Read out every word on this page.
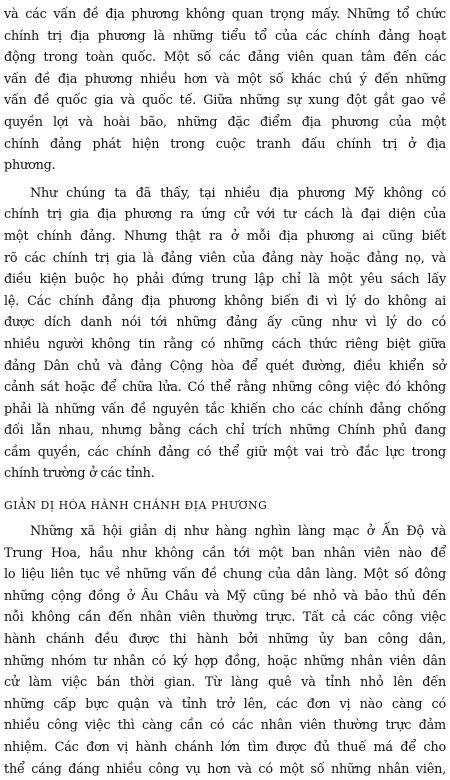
và các vấn đề địa phương không quan trọng mấy. Những tổ chức
chính trị địa phương là những tiểu tổ của các chính đảng hoạt
động trong toàn quốc. Một số các đảng viên quan tâm đến các
vấn đề địa phương nhiều hơn và một số khác chú ý đến những
vấn đề quốc gia và quốc tế. Giữa những sự xung đột gắt gao về
quyền lợi và hoài bão, những đặc điểm địa phương của một
chính đảng phát hiện trong cuộc tranh đấu chính trị ở địa
phương.
Như chúng ta đã thấy, tại nhiều địa phương Mỹ không có
chính trị gia địa phương ra ứng cử với tư cách là đại diện của
một chính đảng. Nhưng thật ra ở mỗi địa phương ai cũng biết
rõ các chính trị gia là đảng viên của đảng này hoặc đảng nọ, và
điều kiện buộc họ phải đứng trung lập chỉ là một yêu sách lấy
lệ. Các chính đảng địa phương không biến đi vì lý do không ai
được dích danh nói tới những đảng ấy cũng như vì lý do có
nhiều người không tin rằng có những cách thức riêng biệt giữa
đảng Dân chủ và đảng Cộng hòa để quét đường, điều khiển sở
cảnh sát hoặc để chữa lửa. Có thể rằng những công việc đó không
phải là những vấn đề nguyên tắc khiến cho các chính đảng chống
đối lẫn nhau, nhưng bằng cách chỉ trích những Chính phủ đang
cầm quyền, các chính đảng có thể giữ một vai trò đắc lực trong
chính trường ở các tỉnh.
GIẢN DỊ HÓA HÀNH CHÁNH ĐỊA PHƯƠNG
Những xã hội giản dị như hàng nghìn làng mạc ở Ấn Độ và
Trung Hoa, hầu như không cần tới một ban nhân viên nào để
lo liệu liên tục về những vấn đề chung của dân làng. Một số đông
những cộng đồng ở Âu Châu và Mỹ cũng bé nhỏ và bảo thủ đến
nỗi không cần đến nhân viên thường trực. Tất cả các công việc
hành chánh đều được thi hành bởi những ủy ban công dân,
những nhóm tư nhân có ký hợp đồng, hoặc những nhân viên dân
cử làm việc bán thời gian. Từ làng quê và tỉnh nhỏ lên đến
những cấp bực quận và tỉnh trở lên, các đơn vị nào càng có
nhiều công việc thì càng cần có các nhân viên thường trực đảm
nhiệm. Các đơn vị hành chánh lớn tìm được đủ thuế má để cho
thể cáng đáng nhiều công vụ hơn và có một số những nhân viên,
